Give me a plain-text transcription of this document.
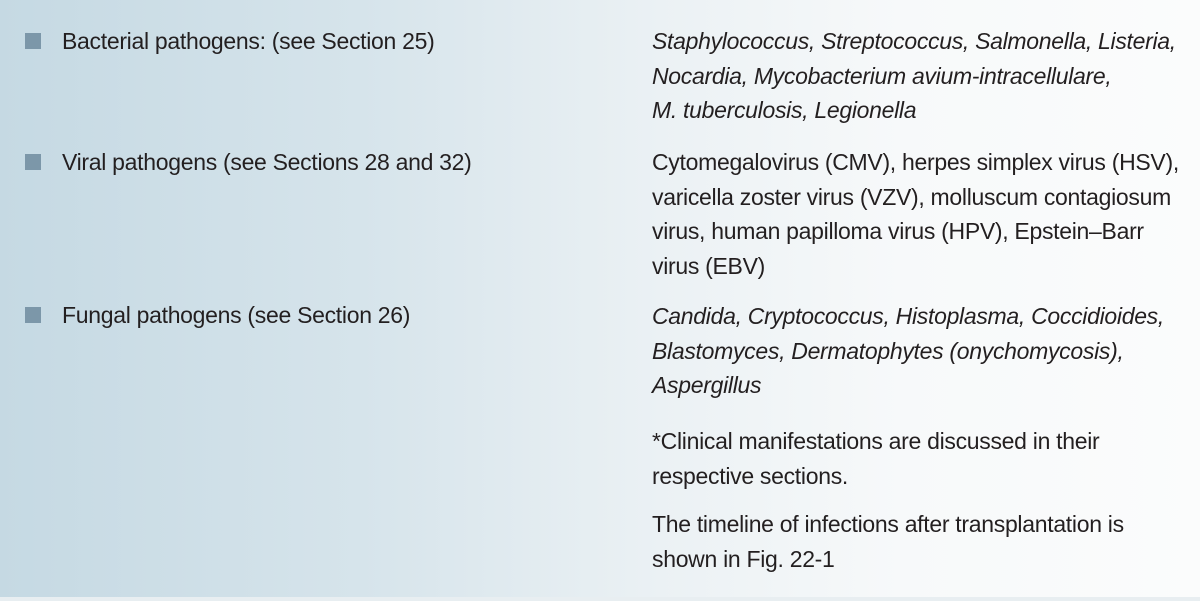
Bacterial pathogens: (see Section 25)	Staphylococcus, Streptococcus, Salmonella, Listeria,
Nocardia, Mycobacterium avium-intracellulare,
M. tuberculosis, Legionella
Viral pathogens (see Sections 28 and 32)	Cytomegalovirus (CMV), herpes simplex virus (HSV),
varicella zoster virus (VZV), molluscum contagiosum
virus, human papilloma virus (HPV), Epstein–Barr
virus (EBV)
Fungal pathogens (see Section 26)	Candida, Cryptococcus, Histoplasma, Coccidioides,
Blastomyces, Dermatophytes (onychomycosis),
Aspergillus
*Clinical manifestations are discussed in their
respective sections.
The timeline of infections after transplantation is
shown in Fig. 22-1
